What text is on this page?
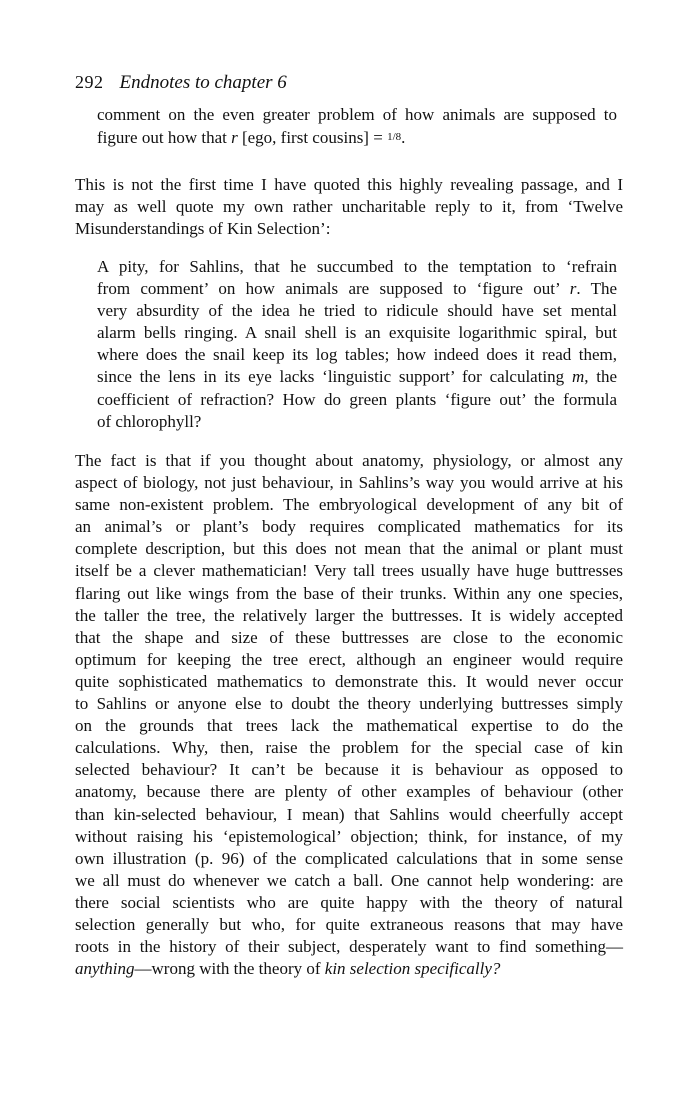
292 Endnotes to chapter 6
comment on the even greater problem of how animals are supposed to
figure out how that r [ego, first cousins] = 1/8.
This is not the first time I have quoted this highly revealing passage, and I
may as well quote my own rather uncharitable reply to it, from ‘Twelve
Misunderstandings of Kin Selection’:
A pity, for Sahlins, that he succumbed to the temptation to ‘refrain
from comment’ on how animals are supposed to ‘figure out’ r. The
very absurdity of the idea he tried to ridicule should have set mental
alarm bells ringing. A snail shell is an exquisite logarithmic spiral, but
where does the snail keep its log tables; how indeed does it read them,
since the lens in its eye lacks ‘linguistic support’ for calculating m, the
coefficient of refraction? How do green plants ‘figure out’ the formula
of chlorophyll?
The fact is that if you thought about anatomy, physiology, or almost any
aspect of biology, not just behaviour, in Sahlins’s way you would arrive at his
same non-existent problem. The embryological development of any bit of
an animal’s or plant’s body requires complicated mathematics for its
complete description, but this does not mean that the animal or plant must
itself be a clever mathematician! Very tall trees usually have huge buttresses
flaring out like wings from the base of their trunks. Within any one species,
the taller the tree, the relatively larger the buttresses. It is widely accepted
that the shape and size of these buttresses are close to the economic
optimum for keeping the tree erect, although an engineer would require
quite sophisticated mathematics to demonstrate this. It would never occur
to Sahlins or anyone else to doubt the theory underlying buttresses simply
on the grounds that trees lack the mathematical expertise to do the
calculations. Why, then, raise the problem for the special case of kin
selected behaviour? It can’t be because it is behaviour as opposed to
anatomy, because there are plenty of other examples of behaviour (other
than kin-selected behaviour, I mean) that Sahlins would cheerfully accept
without raising his ‘epistemological’ objection; think, for instance, of my
own illustration (p. 96) of the complicated calculations that in some sense
we all must do whenever we catch a ball. One cannot help wondering: are
there social scientists who are quite happy with the theory of natural
selection generally but who, for quite extraneous reasons that may have
roots in the history of their subject, desperately want to find something—
anything—wrong with the theory of kin selection specifically?
